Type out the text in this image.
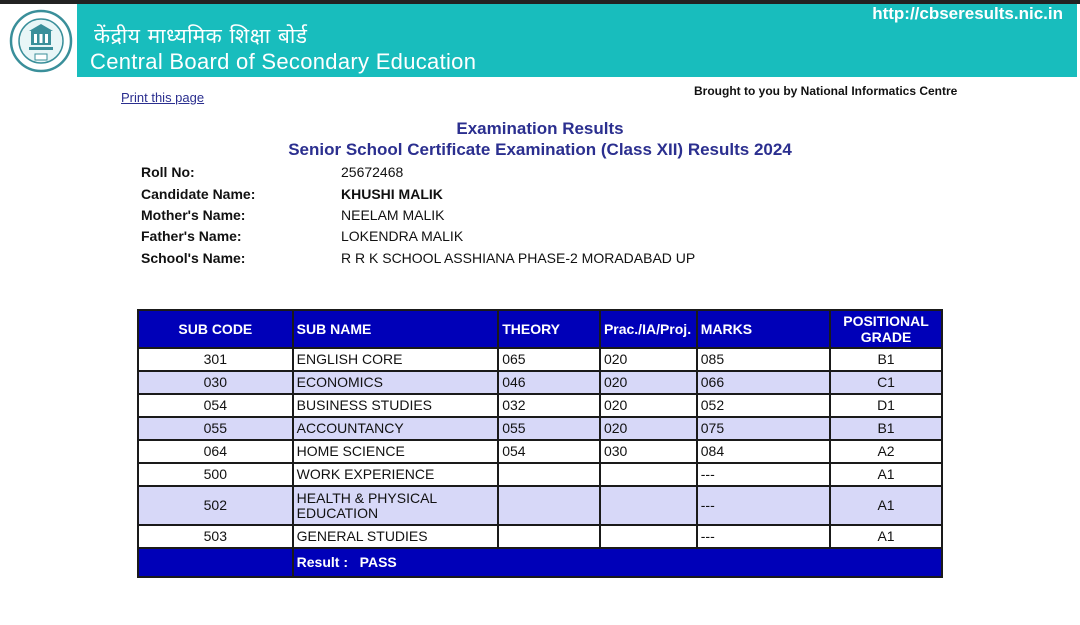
केंद्रीय माध्यमिक शिक्षा बोर्ड
Central Board of Secondary Education
http://cbseresults.nic.in
Print this page	Brought to you by National Informatics Centre
Examination Results
Senior School Certificate Examination (Class XII) Results 2024
Roll No:	25672468
Candidate Name:	KHUSHI MALIK
Mother's Name:	NEELAM MALIK
Father's Name:	LOKENDRA MALIK
School's Name:	R R K SCHOOL ASSHIANA PHASE-2 MORADABAD UP
SUB CODE	SUB NAME	THEORY	Prac./IA/Proj.	MARKS	POSITIONAL GRADE
301	ENGLISH CORE	065	020	085	B1
030	ECONOMICS	046	020	066	C1
054	BUSINESS STUDIES	032	020	052	D1
055	ACCOUNTANCY	055	020	075	B1
064	HOME SCIENCE	054	030	084	A2
500	WORK EXPERIENCE			---	A1
502	HEALTH & PHYSICAL EDUCATION			---	A1
503	GENERAL STUDIES			---	A1
	Result : PASS				
